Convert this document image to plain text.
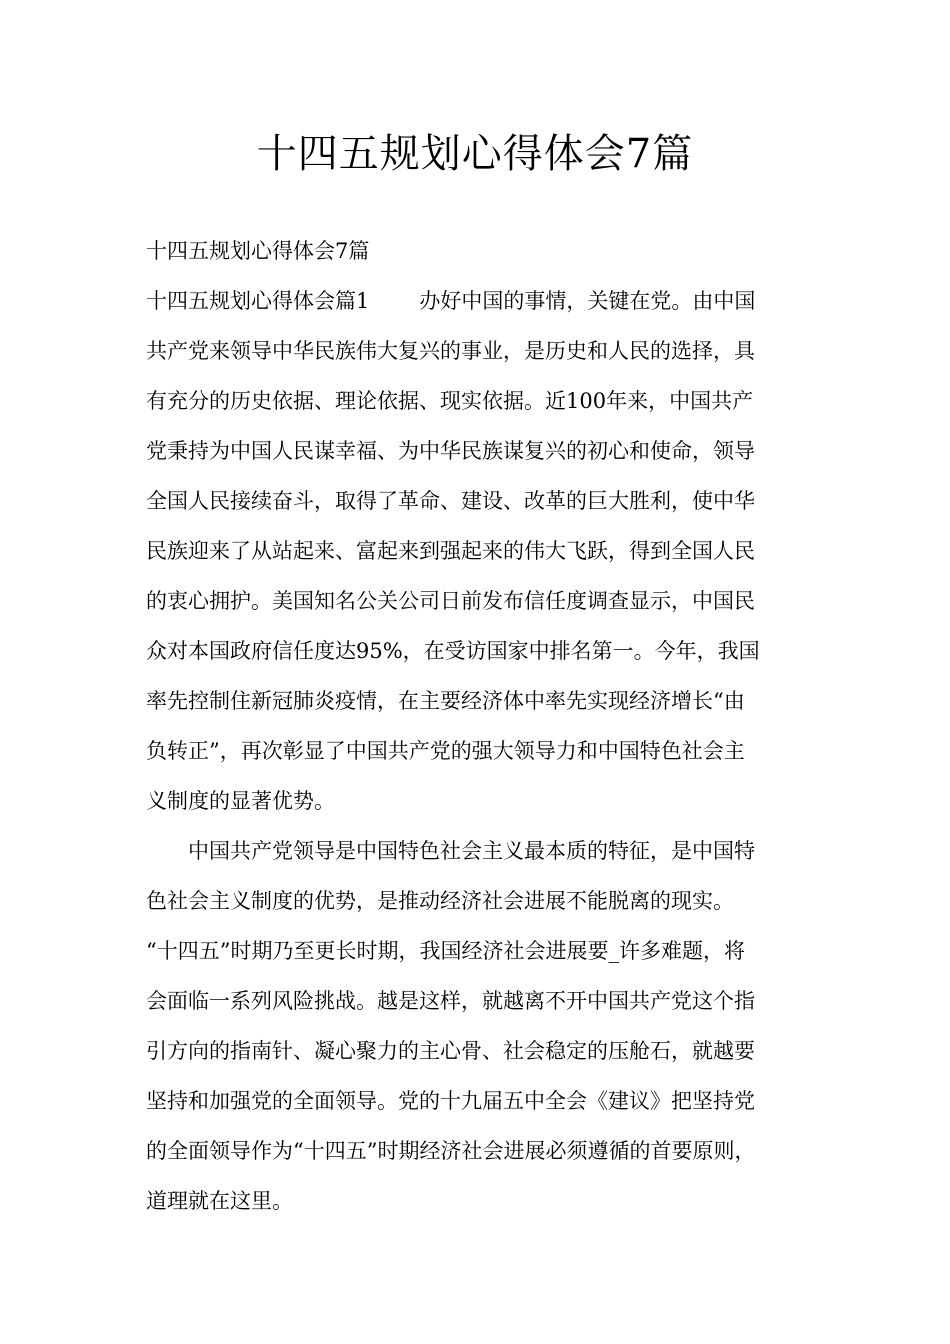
十四五规划心得体会7篇
十四五规划心得体会7篇
十四五规划心得体会篇1 办好中国的事情，关键在党。由中国
共产党来领导中华民族伟大复兴的事业，是历史和人民的选择，具
有充分的历史依据、理论依据、现实依据。近100年来，中国共产
党秉持为中国人民谋幸福、为中华民族谋复兴的初心和使命，领导
全国人民接续奋斗，取得了革命、建设、改革的巨大胜利，使中华
民族迎来了从站起来、富起来到强起来的伟大飞跃，得到全国人民
的衷心拥护。美国知名公关公司日前发布信任度调查显示，中国民
众对本国政府信任度达95%，在受访国家中排名第一。今年，我国
率先控制住新冠肺炎疫情，在主要经济体中率先实现经济增长“由
负转正”，再次彰显了中国共产党的强大领导力和中国特色社会主
义制度的显著优势。
中国共产党领导是中国特色社会主义最本质的特征，是中国特
色社会主义制度的优势，是推动经济社会进展不能脱离的现实。
“十四五”时期乃至更长时期，我国经济社会进展要_许多难题，将
会面临一系列风险挑战。越是这样，就越离不开中国共产党这个指
引方向的指南针、凝心聚力的主心骨、社会稳定的压舱石，就越要
坚持和加强党的全面领导。党的十九届五中全会《建议》把坚持党
的全面领导作为“十四五”时期经济社会进展必须遵循的首要原则，
道理就在这里。
